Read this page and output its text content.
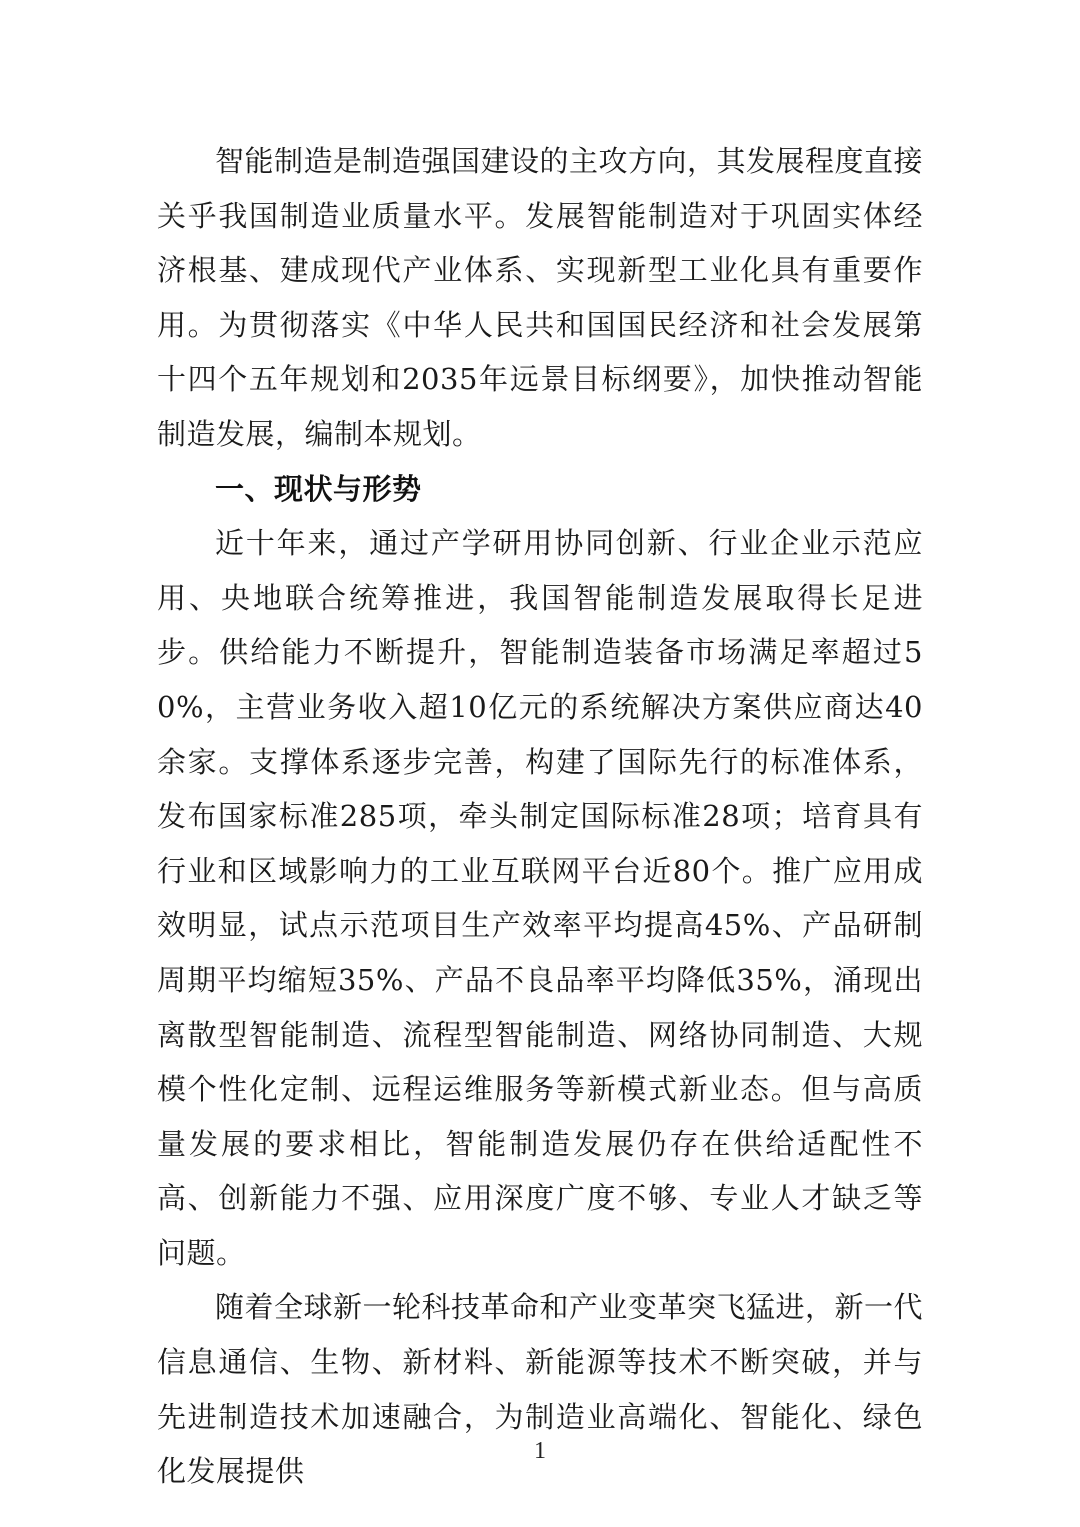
智能制造是制造强国建设的主攻方向，其发展程度直接关乎我国制造业质量水平。发展智能制造对于巩固实体经济根基、建成现代产业体系、实现新型工业化具有重要作用。为贯彻落实《中华人民共和国国民经济和社会发展第十四个五年规划和2035年远景目标纲要》，加快推动智能制造发展，编制本规划。

一、现状与形势

近十年来，通过产学研用协同创新、行业企业示范应用、央地联合统筹推进，我国智能制造发展取得长足进步。供给能力不断提升，智能制造装备市场满足率超过50%，主营业务收入超10亿元的系统解决方案供应商达40余家。支撑体系逐步完善，构建了国际先行的标准体系，发布国家标准285项，牵头制定国际标准28项；培育具有行业和区域影响力的工业互联网平台近80个。推广应用成效明显，试点示范项目生产效率平均提高45%、产品研制周期平均缩短35%、产品不良品率平均降低35%，涌现出离散型智能制造、流程型智能制造、网络协同制造、大规模个性化定制、远程运维服务等新模式新业态。但与高质量发展的要求相比，智能制造发展仍存在供给适配性不高、创新能力不强、应用深度广度不够、专业人才缺乏等问题。

随着全球新一轮科技革命和产业变革突飞猛进，新一代信息通信、生物、新材料、新能源等技术不断突破，并与先进制造技术加速融合，为制造业高端化、智能化、绿色化发展提供

1
